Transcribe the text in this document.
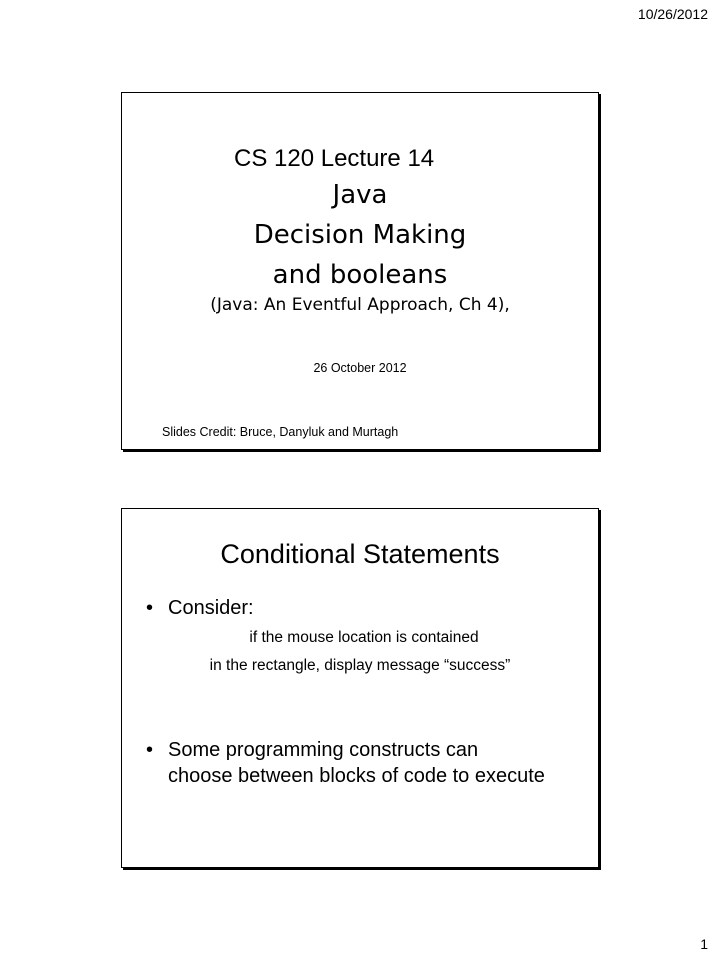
10/26/2012
CS 120 Lecture 14
Java
Decision Making
and booleans
(Java: An Eventful Approach, Ch 4),
26 October 2012
Slides Credit: Bruce, Danyluk and Murtagh
Conditional Statements
• Consider:
if the mouse location is contained
in the rectangle, display message “success”
• Some programming constructs can
choose between blocks of code to execute
1
